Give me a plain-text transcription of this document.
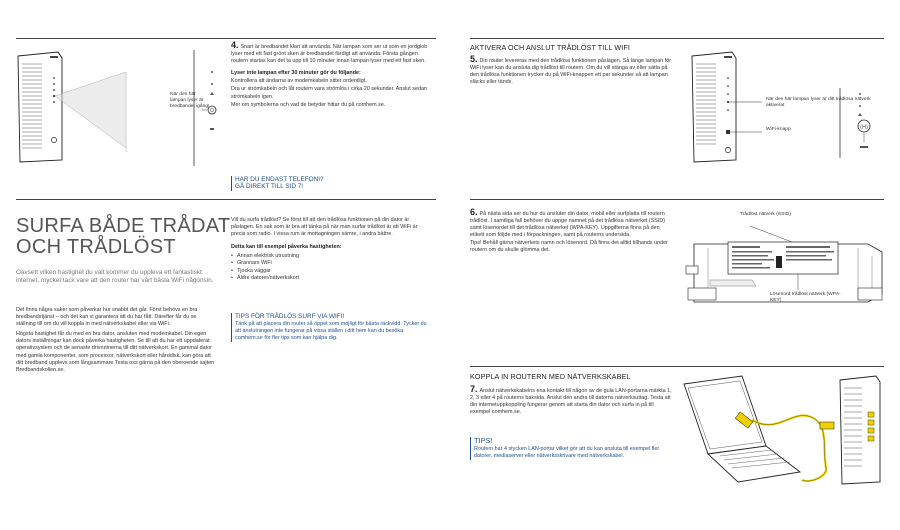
När den här lampan lyser är bredbandet igång!
4. Snart är bredbandet klart att använda. När lampan som ser ut som en jordglob lyser med ett fast grönt sken är bredbandet färdigt att använda. Första gången routern startas kan det ta upp till 10 minuter innan lampan lyser med ett fast sken.
Lyser inte lampan efter 30 minuter gör du följande:
Kontrollera att ändarna av modemkabeln sitter ordentligt.
Dra ur strömkabeln och låt routern vara strömlös i cirka 20 sekunder. Anslut sedan strömkabeln igen.
Mer om symbolerna och vad de betyder hittar du på comhem.se.
HAR DU ENDAST TELEFONI?
GÅ DIREKT TILL SID 7!
SURFA BÅDE TRÅDAT
OCH TRÅDLÖST
Oavsett vilken hastighet du valt kommer du uppleva ett fantastiskt internet, mycket tack vare att den router har vårt bästa WiFi någonsin.
Det finns några saker som påverkar hur snabbt det går. Först behövs en bra bredbandstjänst – och det kan vi garantera att du har fått. Därefter får du se ställning till om du vill koppla in med nätverkskabel eller via WiFi.
Högsta hastighet får du med en bra dator, ansluten med modemkabel. Din egen dators inställningar kan dock påverka hastigheten. Se till att du har ett uppdaterat operativsystem och de senaste drivrutinerna till ditt nätverkskort. En gammal dator med gamla komponenter, som processor, nätverkskort eller hårddisk, kan göra att ditt bredband upplevs som långsammare.Testa oss gärna på den oberoende sajten Bredbandskollen.se.
Vill du surfa trådlöst? Se först till att den trådlösa funktionen på din dator är påslagen. En sak som är bra att tänka på när man surfar trådlöst är att WiFi är precis som radio. I vissa rum är mottagningen sämre, i andra bättre.
Detta kan till exempel påverka hastigheten:
• Annan elektrisk utrustning
• Grannars WiFi
• Tjocka väggar
• Äldre datorer/nätverkskort
TIPS FÖR TRÅDLÖS SURF VIA WIFI!
Tänk på att placera din router så öppet som möjligt för bästa räckvidd. Tycker du att anslutningen inte fungerar på vissa ställen i ditt hem kan du besöka comhem.se för fler tips som kan hjälpa dig.
AKTIVERA OCH ANSLUT TRÅDLÖST TILL WIFI
5. Din router levereras med den trådlösa funktionen påslagen. Så länge lampan för WiFi lyser kan du ansluta dig trådlöst till routern. Om du vill stänga av eller sätta på den trådlösa funktionen trycker du på WiFi-knappen ett par sekunder så att lampan släcks eller tänds.
((•))
När den här lampan lyser är ditt trådlösa nätverk aktiverat
WiFi-knapp
6. På nästa sida ser du hur du ansluter din dator, mobil eller surfplatta till routern trådlöst. I samtliga fall behöver du uppge namnet på det trådlösa nätverket (SSID) samt lösenordet till det trådlösa nätverket (WPA-KEY). Uppgifterna finns på den etikett som följde med i förpackningen, samt på routerns undersida.
Tips! Behåll gärna nätverkets namn och lösenord. Då finns det alltid tillhands under routern om du skulle glömma det.
Trådlöst nätverk (SSID)
Lösenord trådlöst nätverk (WPA-KEY)
KOPPLA IN ROUTERN MED NÄTVERKSKABEL
7. Anslut nätverkskabelns ena kontakt till någon av de gula LAN-portarna märkta 1, 2, 3 eller 4 på routerns baksida. Anslut den andra till datorns nätverksuttag. Testa att din internetuppkoppling fungerar genom att starta din dator och surfa in på till exempel comhem.se.
TIPS!
Routern har 4 stycken LAN-portar vilket gör att du kan ansluta till exempel fler datorer, mediaserver eller nätverksskrivare med nätverkskabel.
